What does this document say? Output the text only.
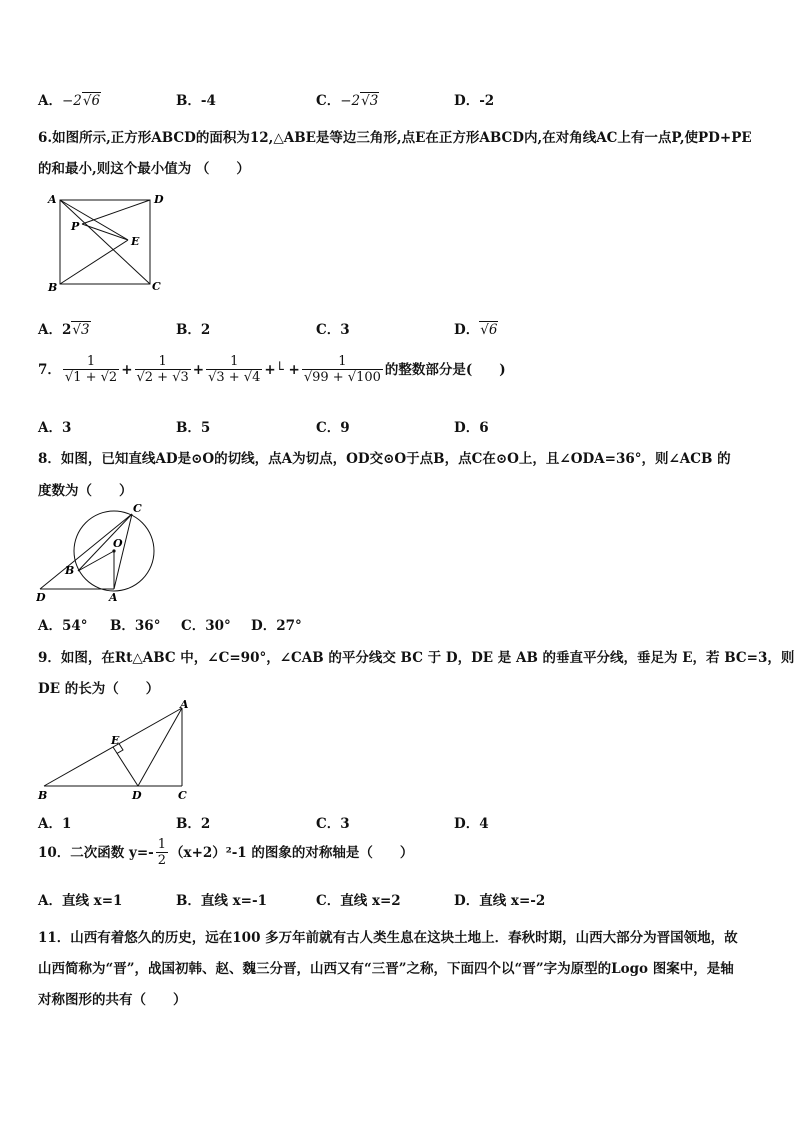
A．−2√6	B．-4	C．−2√3	D．-2
6.如图所示,正方形ABCD的面积为12,△ABE是等边三角形,点E在正方形ABCD内,在对角线AC上有一点P,使PD+PE
的和最小,则这个最小值为 （　　）
A	D
P
E
B	C
A．2√3	B．2	C．3	D．√6
7． $\frac{1}{√1 + √2} + \frac{1}{√2 + √3} + \frac{1}{√3 + √4}$ +└ + $\frac{1}{√99 + √100}$ 的整数部分是(　　)
A．3	B．5	C．9	D．6
8．如图，已知直线AD是⊙O的切线，点A为切点，OD交⊙O于点B，点C在⊙O上，且∠ODA=36°，则∠ACB 的
度数为（　　）
C
O
B
D	A
A．54° B．36° C．30° D．27°
9．如图，在Rt△ABC 中，∠C=90°，∠CAB 的平分线交 BC 于 D，DE 是 AB 的垂直平分线，垂足为 E，若 BC=3，则
DE 的长为（　　）
A
E
B	D	C
A．1	B．2	C．3	D．4
10．二次函数 $y=- \frac{1}{2} (x+2)^2-1$ 的图象的对称轴是（　　）
A．直线 x=1	B．直线 x=-1	C．直线 x=2	D．直线 x=-2
11．山西有着悠久的历史，远在100 多万年前就有古人类生息在这块土地上．春秋时期，山西大部分为晋国领地，故
山西简称为“晋”，战国初韩、赵、魏三分晋，山西又有“三晋”之称，下面四个以“晋”字为原型的Logo 图案中，是轴
对称图形的共有（　　）
